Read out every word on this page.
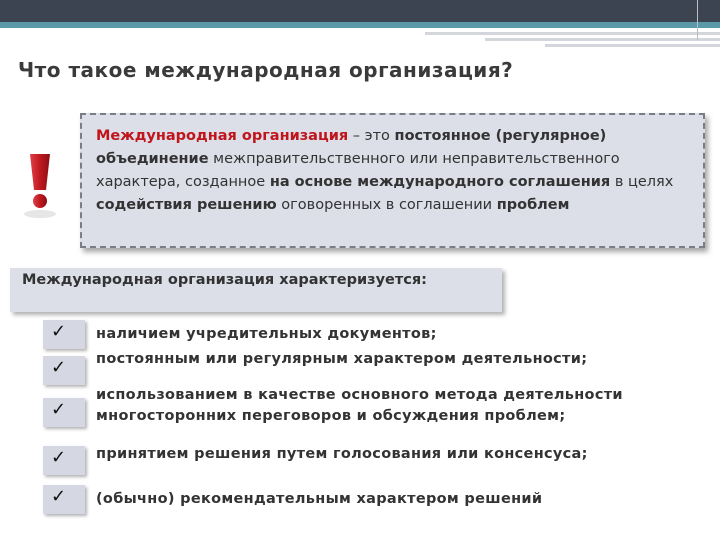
7
Что такое международная организация?
Международная организация – это постоянное (регулярное) объединение межправительственного или неправительственного характера, созданное на основе международного соглашения в целях содействия решению оговоренных в соглашении проблем
Международная организация характеризуется:
✓	наличием учредительных документов;
✓	постоянным или регулярным характером деятельности;
✓
использованием в качестве основного метода деятельности многосторонних переговоров и обсуждения проблем;
✓	принятием решения путем голосования или консенсуса;
✓	(обычно) рекомендательным характером решений
